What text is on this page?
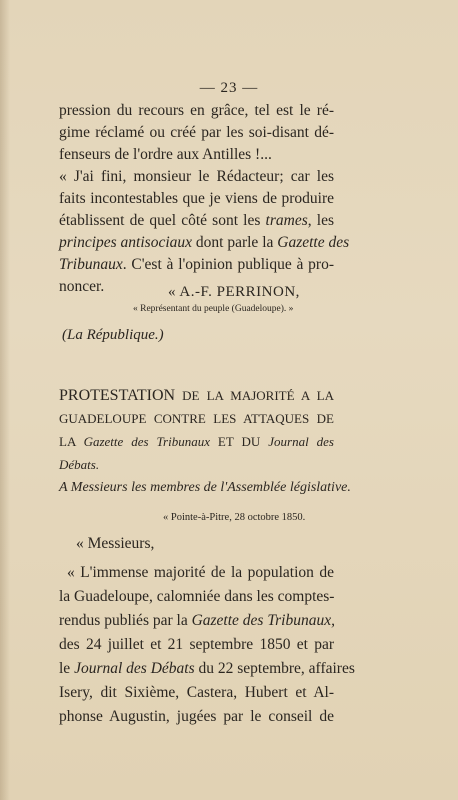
— 23 —
pression du recours en grâce, tel est le ré-
gime réclamé ou créé par les soi-disant dé-
fenseurs de l'ordre aux Antilles !...
« J'ai fini, monsieur le Rédacteur; car les
faits incontestables que je viens de produire
établissent de quel côté sont les trames, les
principes antisociaux dont parle la Gazette des
Tribunaux. C'est à l'opinion publique à pro-
noncer.	« A.-F. PERRINON,
« Représentant du peuple (Guadeloupe). »
(La République.)
PROTESTATION DE LA MAJORITÉ A LA
GUADELOUPE CONTRE LES ATTAQUES DE
LA Gazette des Tribunaux ET DU Journal des
Débats.
A Messieurs les membres de l'Assemblée législative.
« Pointe-à-Pitre, 28 octobre 1850.
« Messieurs,
« L'immense majorité de la population de
la Guadeloupe, calomniée dans les comptes-
rendus publiés par la Gazette des Tribunaux,
des 24 juillet et 21 septembre 1850 et par
le Journal des Débats du 22 septembre, affaires
Isery, dit Sixième, Castera, Hubert et Al-
phonse Augustin, jugées par le conseil de
